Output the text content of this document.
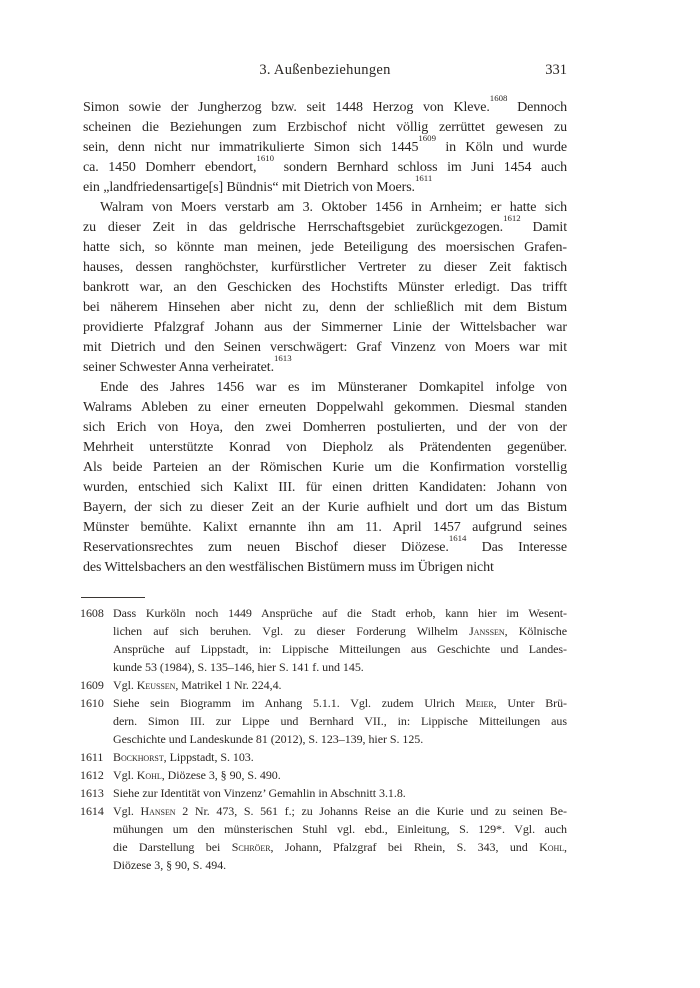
3. Außenbeziehungen	331
Simon sowie der Jungherzog bzw. seit 1448 Herzog von Kleve.$^{1608}$ Dennoch
scheinen die Beziehungen zum Erzbischof nicht völlig zerrüttet gewesen zu
sein, denn nicht nur immatrikulierte Simon sich $1445^{1609}$ in Köln und wurde
ca. 1450 Domherr ebendort,$^{1610}$ sondern Bernhard schloss im Juni 1454 auch
ein „landfriedensartige[s] Bündnis“ mit Dietrich von Moers.$^{1611}$
Walram von Moers verstarb am 3. Oktober 1456 in Arnheim; er hatte sich
zu dieser Zeit in das geldrische Herrschaftsgebiet zurückgezogen.$^{1612}$ Damit
hatte sich, so könnte man meinen, jede Beteiligung des moersischen Grafen-
hauses, dessen ranghöchster, kurfürstlicher Vertreter zu dieser Zeit faktisch
bankrott war, an den Geschicken des Hochstifts Münster erledigt. Das trifft
bei näherem Hinsehen aber nicht zu, denn der schließlich mit dem Bistum
providierte Pfalzgraf Johann aus der Simmerner Linie der Wittelsbacher war
mit Dietrich und den Seinen verschwägert: Graf Vinzenz von Moers war mit
seiner Schwester Anna verheiratet.$^{1613}$
Ende des Jahres 1456 war es im Münsteraner Domkapitel infolge von
Walrams Ableben zu einer erneuten Doppelwahl gekommen. Diesmal standen
sich Erich von Hoya, den zwei Domherren postulierten, und der von der
Mehrheit unterstützte Konrad von Diepholz als Prätendenten gegenüber.
Als beide Parteien an der Römischen Kurie um die Konfirmation vorstellig
wurden, entschied sich Kalixt III. für einen dritten Kandidaten: Johann von
Bayern, der sich zu dieser Zeit an der Kurie aufhielt und dort um das Bistum
Münster bemühte. Kalixt ernannte ihn am 11. April 1457 aufgrund seines
Reservationsrechtes zum neuen Bischof dieser Diözese.$^{1614}$ Das Interesse
des Wittelsbachers an den westfälischen Bistümern muss im Übrigen nicht
1608 Dass Kurköln noch 1449 Ansprüche auf die Stadt erhob, kann hier im Wesent-
lichen auf sich beruhen. Vgl. zu dieser Forderung Wilhelm Janssen, Kölnische
Ansprüche auf Lippstadt, in: Lippische Mitteilungen aus Geschichte und Landes-
kunde 53 (1984), S. 135–146, hier S. 141 f. und 145.
1609 Vgl. Keussen, Matrikel 1 Nr. 224,4.
1610 Siehe sein Biogramm im Anhang 5.1.1. Vgl. zudem Ulrich Meier, Unter Brü-
dern. Simon III. zur Lippe und Bernhard VII., in: Lippische Mitteilungen aus
Geschichte und Landeskunde 81 (2012), S. 123–139, hier S. 125.
1611 Bockhorst, Lippstadt, S. 103.
1612 Vgl. Kohl, Diözese 3, § 90, S. 490.
1613 Siehe zur Identität von Vinzenz’ Gemahlin in Abschnitt 3.1.8.
1614 Vgl. Hansen 2 Nr. 473, S. 561 f.; zu Johanns Reise an die Kurie und zu seinen Be-
mühungen um den münsterischen Stuhl vgl. ebd., Einleitung, S. 129*. Vgl. auch
die Darstellung bei Schröer, Johann, Pfalzgraf bei Rhein, S. 343, und Kohl,
Diözese 3, § 90, S. 494.
